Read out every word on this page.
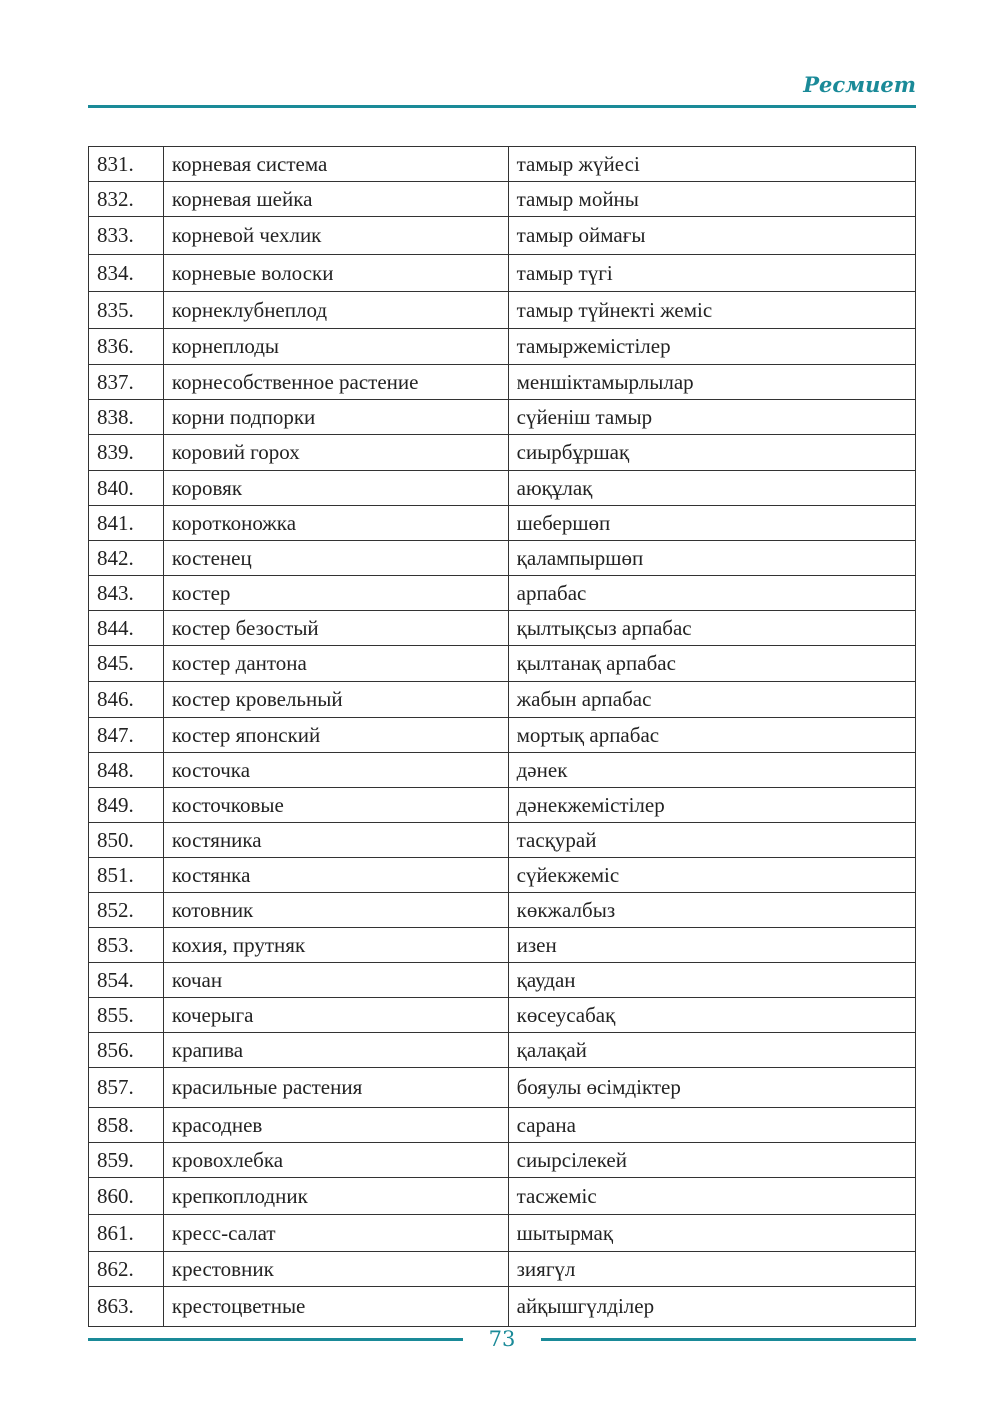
Ресмиет
831.	корневая система	тамыр жүйесі
832.	корневая шейка	тамыр мойны
833.	корневой чехлик	тамыр оймағы
834.	корневые волоски	тамыр түгі
835.	корнеклубнеплод	тамыр түйнекті жеміс
836.	корнеплоды	тамыржемістілер
837.	корнесобственное растение	меншіктамырлылар
838.	корни подпорки	сүйеніш тамыр
839.	коровий горох	сиырбұршақ
840.	коровяк	аюқұлақ
841.	коротконожка	шебершөп
842.	костенец	қалампыршөп
843.	костер	арпабас
844.	костер безостый	қылтықсыз арпабас
845.	костер дантона	қылтанақ арпабас
846.	костер кровельный	жабын арпабас
847.	костер японский	мортық арпабас
848.	косточка	дәнек
849.	косточковые	дәнекжемістілер
850.	костяника	тасқурай
851.	костянка	сүйекжеміс
852.	котовник	көкжалбыз
853.	кохия, прутняк	изен
854.	кочан	қаудан
855.	кочерыга	көсеусабақ
856.	крапива	қалақай
857.	красильные растения	бояулы өсімдіктер
858.	красоднев	сарана
859.	кровохлебка	сиырсілекей
860.	крепкоплодник	тасжеміс
861.	кресс-салат	шытырмақ
862.	крестовник	зиягүл
863.	крестоцветные	айқышгүлділер
73
